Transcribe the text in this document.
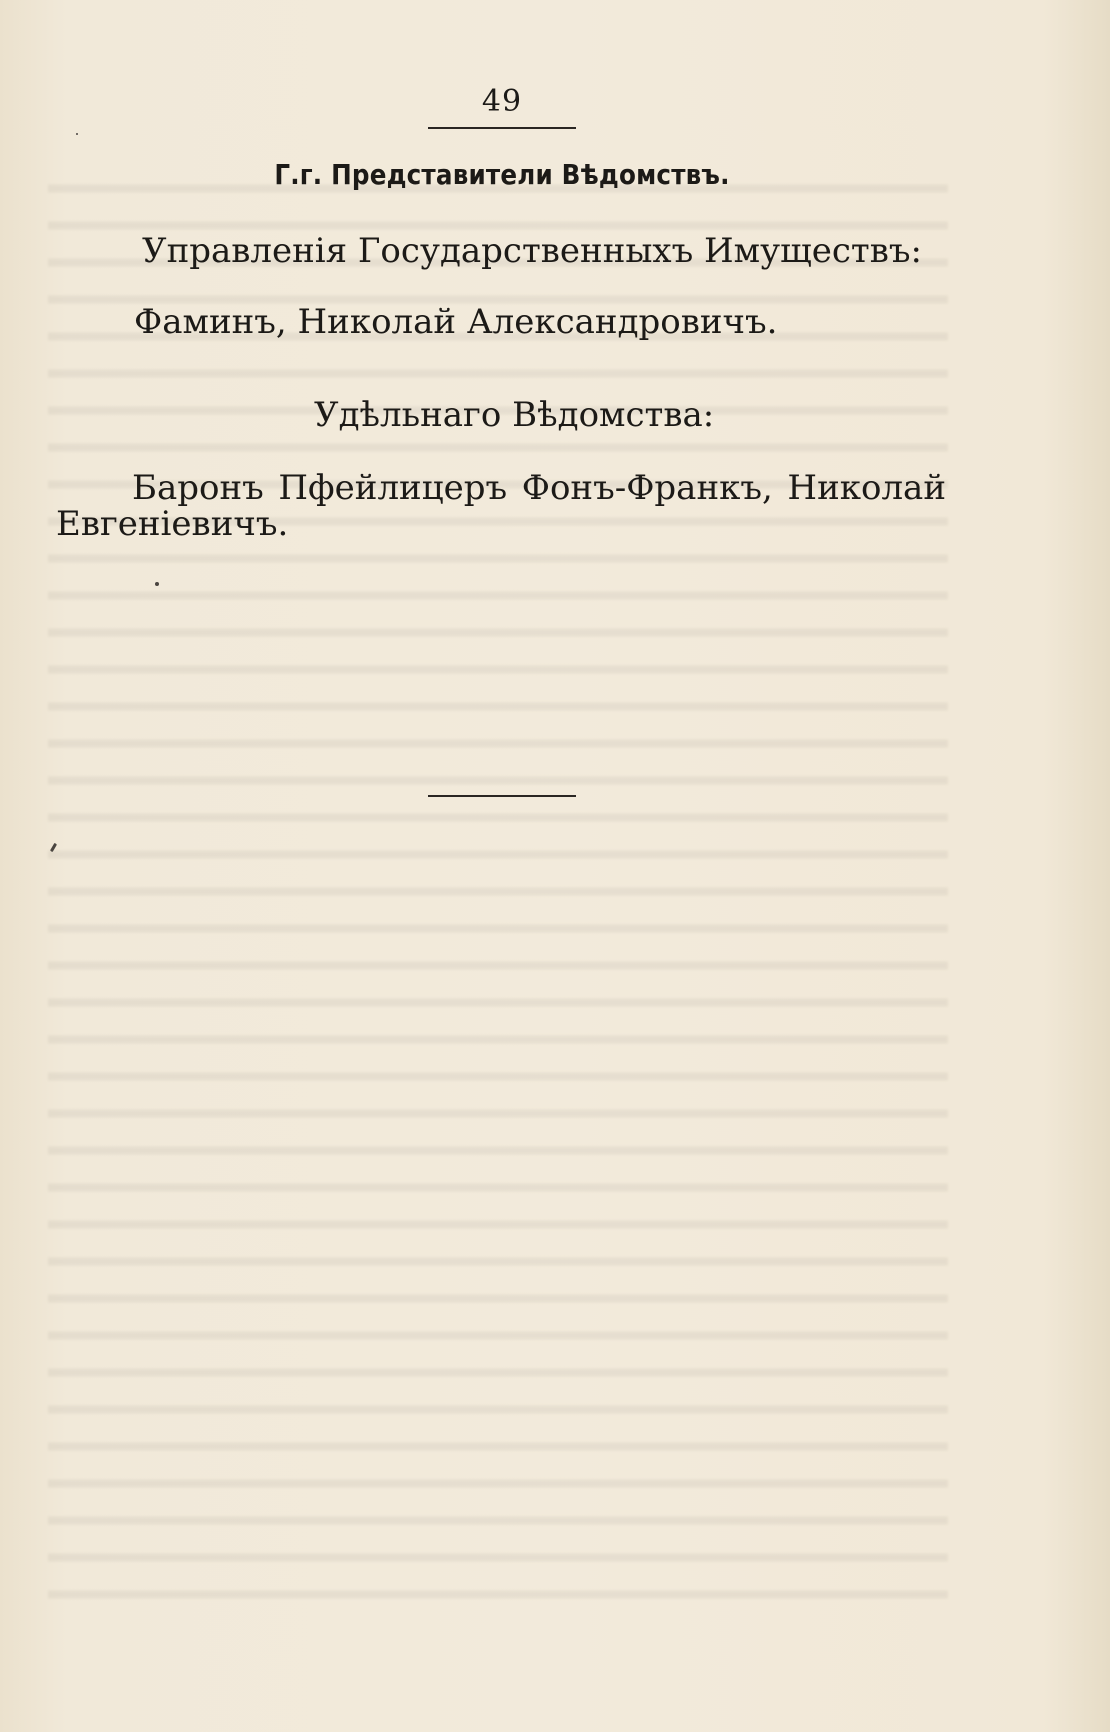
49
Г.г. Представители Вѣдомствъ.
Управленія Государственныхъ Имуществъ:
Фаминъ, Николай Александровичъ.
Удѣльнаго Вѣдомства:
Баронъ Пфейлицеръ Фонъ-Франкъ, Николай
Евгеніевичъ.
